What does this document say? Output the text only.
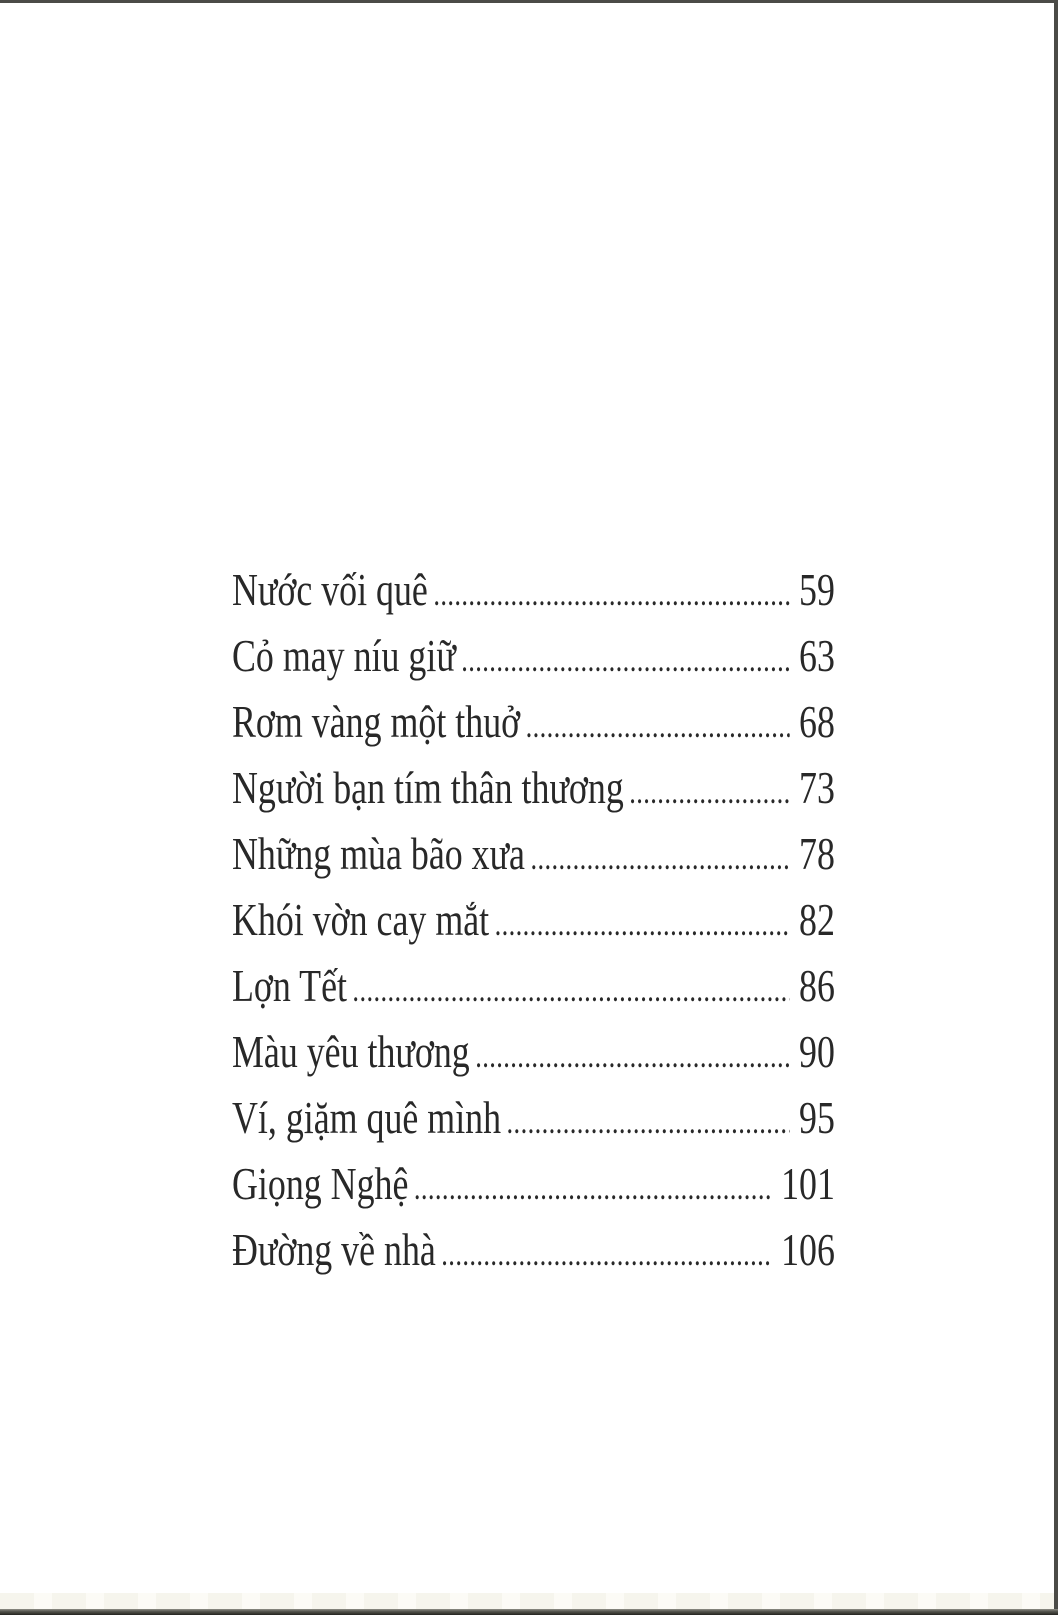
Nước vối quê .....	59
Cỏ may níu giữ .....	63
Rơm vàng một thuở .....	68
Người bạn tím thân thương .....	73
Những mùa bão xưa .....	78
Khói vờn cay mắt .....	82
Lợn Tết .....	86
Màu yêu thương .....	90
Ví, giặm quê mình .....	95
Giọng Nghệ .....	101
Đường về nhà .....	106
